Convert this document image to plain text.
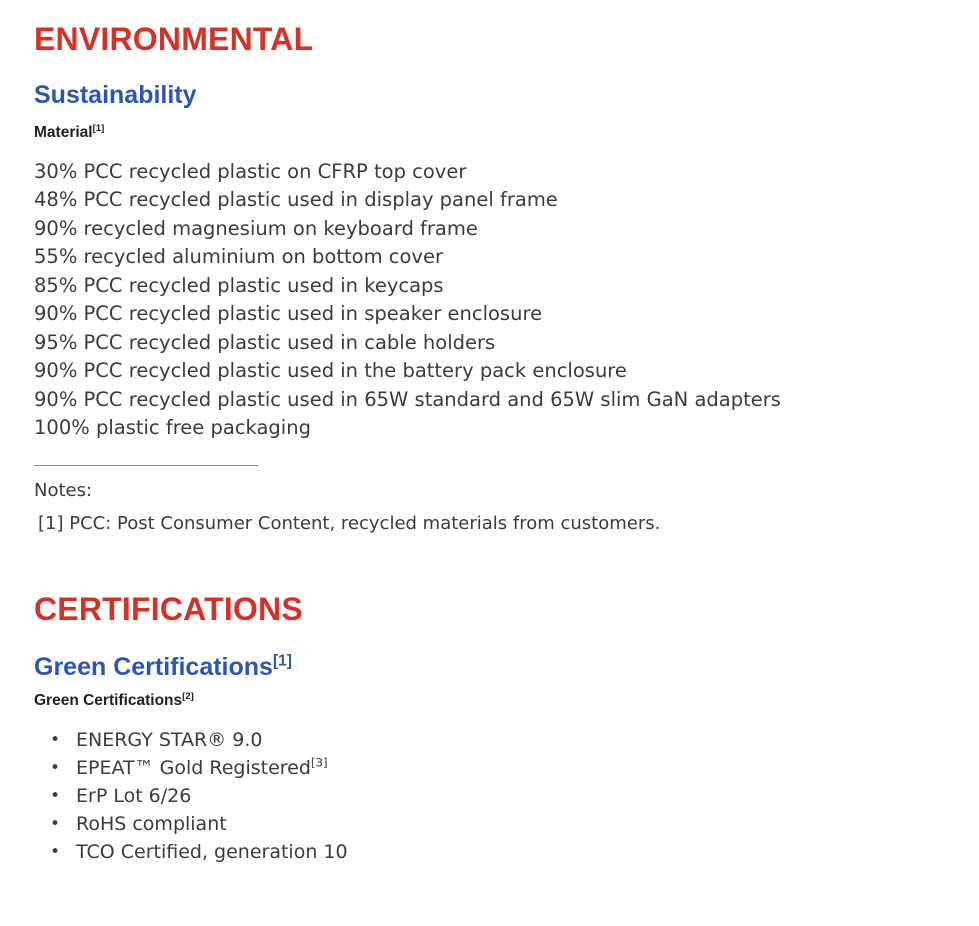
ENVIRONMENTAL
Sustainability

Material[1]

30% PCC recycled plastic on CFRP top cover
48% PCC recycled plastic used in display panel frame
90% recycled magnesium on keyboard frame
55% recycled aluminium on bottom cover
85% PCC recycled plastic used in keycaps
90% PCC recycled plastic used in speaker enclosure
95% PCC recycled plastic used in cable holders
90% PCC recycled plastic used in the battery pack enclosure
90% PCC recycled plastic used in 65W standard and 65W slim GaN adapters
100% plastic free packaging

Notes:

[1] PCC: Post Consumer Content, recycled materials from customers.

CERTIFICATIONS
Green Certifications[1]

Green Certifications[2]

• ENERGY STAR® 9.0
• EPEAT™ Gold Registered[3]
• ErP Lot 6/26
• RoHS compliant
• TCO Certified, generation 10
